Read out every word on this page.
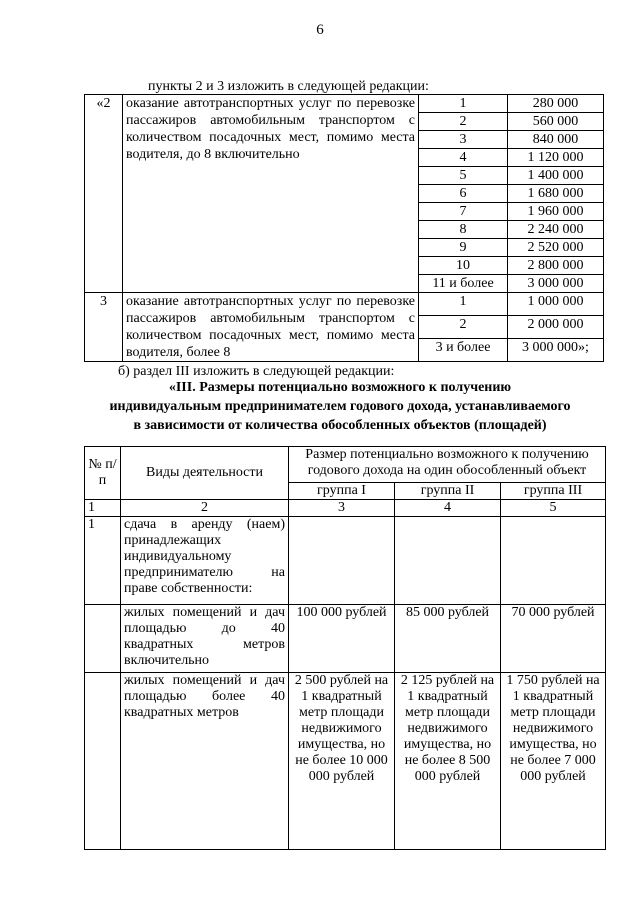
6
пункты 2 и 3 изложить в следующей редакции:
«2	оказание автотранспортных услуг по перевозке пассажиров автомобильным транспортом с количеством посадочных мест, помимо места водителя, до 8 включительно	1	280 000
		2	560 000
		3	840 000
		4	1 120 000
		5	1 400 000
		6	1 680 000
		7	1 960 000
		8	2 240 000
		9	2 520 000
		10	2 800 000
		11 и более	3 000 000
3	оказание автотранспортных услуг по перевозке пассажиров автомобильным транспортом с количеством посадочных мест, помимо места водителя, более 8	1	1 000 000
		2	2 000 000
		3 и более	3 000 000»;
б) раздел III изложить в следующей редакции:
«III. Размеры потенциально возможного к получению
индивидуальным предпринимателем годового дохода, устанавливаемого
в зависимости от количества обособленных объектов (площадей)
№ п/п	Виды деятельности	Размер потенциально возможного к получению годового дохода на один обособленный объект		
		группа I	группа II	группа III
1	2	3	4	5
1	сдача в аренду (наем) принадлежащих индивидуальному предпринимателю на праве собственности:			
	жилых помещений и дач площадью до 40 квадратных метров включительно	100 000 рублей	85 000 рублей	70 000 рублей
	жилых помещений и дач площадью более 40 квадратных метров	2 500 рублей на 1 квадратный метр площади недвижимого имущества, но не более 10 000 000 рублей	2 125 рублей на 1 квадратный метр площади недвижимого имущества, но не более 8 500 000 рублей	1 750 рублей на 1 квадратный метр площади недвижимого имущества, но не более 7 000 000 рублей
